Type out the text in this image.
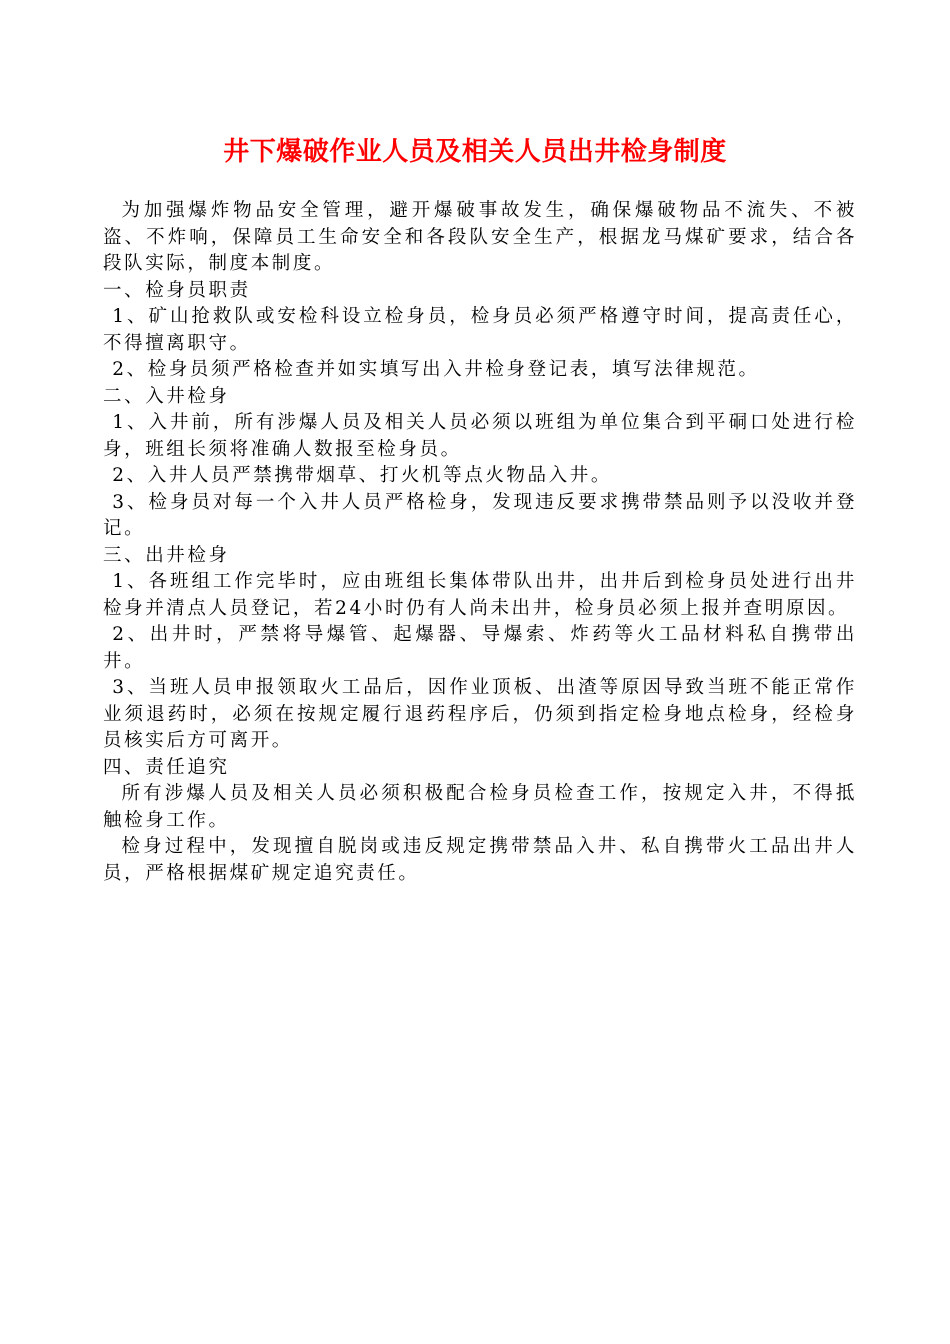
井下爆破作业人员及相关人员出井检身制度

为加强爆炸物品安全管理，避开爆破事故发生，确保爆破物品不流失、不被盗、不炸响，保障员工生命安全和各段队安全生产，根据龙马煤矿要求，结合各段队实际，制度本制度。

一、检身员职责

1、矿山抢救队或安检科设立检身员，检身员必须严格遵守时间，提高责任心，不得擅离职守。

2、检身员须严格检查并如实填写出入井检身登记表，填写法律规范。

二、入井检身

1、入井前，所有涉爆人员及相关人员必须以班组为单位集合到平硐口处进行检身，班组长须将准确人数报至检身员。

2、入井人员严禁携带烟草、打火机等点火物品入井。

3、检身员对每一个入井人员严格检身，发现违反要求携带禁品则予以没收并登记。

三、出井检身

1、各班组工作完毕时，应由班组长集体带队出井，出井后到检身员处进行出井检身并清点人员登记，若24小时仍有人尚未出井，检身员必须上报并查明原因。

2、出井时，严禁将导爆管、起爆器、导爆索、炸药等火工品材料私自携带出井。

3、当班人员申报领取火工品后，因作业顶板、出渣等原因导致当班不能正常作业须退药时，必须在按规定履行退药程序后，仍须到指定检身地点检身，经检身员核实后方可离开。

四、责任追究

所有涉爆人员及相关人员必须积极配合检身员检查工作，按规定入井，不得抵触检身工作。

检身过程中，发现擅自脱岗或违反规定携带禁品入井、私自携带火工品出井人员，严格根据煤矿规定追究责任。
